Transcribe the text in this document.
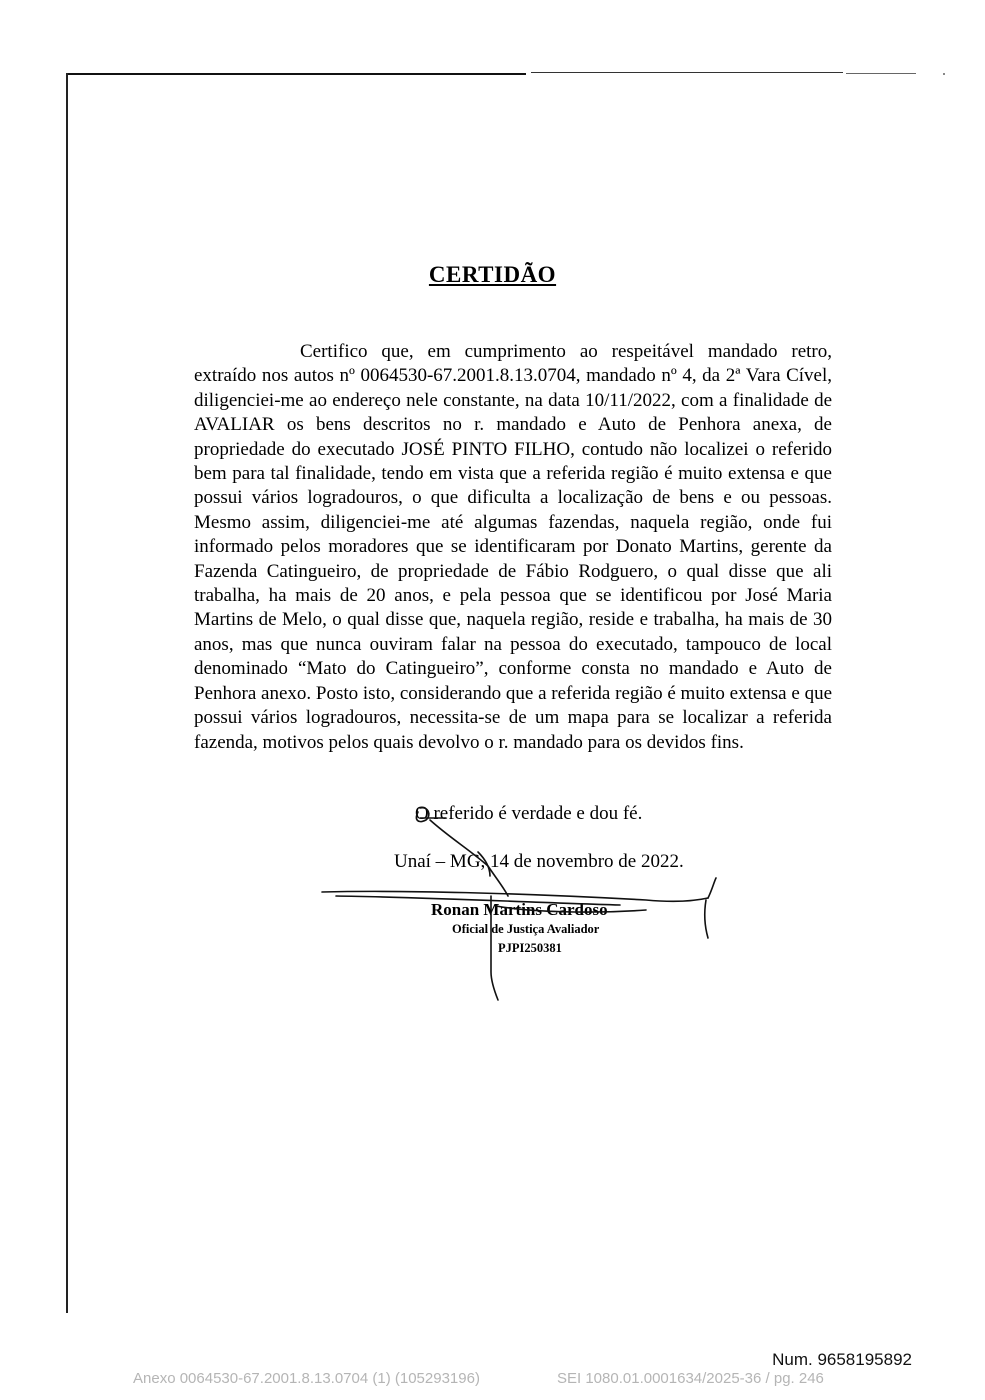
CERTIDÃO

Certifico que, em cumprimento ao respeitável mandado retro, extraído nos autos nº 0064530-67.2001.8.13.0704, mandado nº 4, da 2ª Vara Cível, diligenciei-me ao endereço nele constante, na data 10/11/2022, com a finalidade de AVALIAR os bens descritos no r. mandado e Auto de Penhora anexa, de propriedade do executado JOSÉ PINTO FILHO, contudo não localizei o referido bem para tal finalidade, tendo em vista que a referida região é muito extensa e que possui vários logradouros, o que dificulta a localização de bens e ou pessoas. Mesmo assim, diligenciei-me até algumas fazendas, naquela região, onde fui informado pelos moradores que se identificaram por Donato Martins, gerente da Fazenda Catingueiro, de propriedade de Fábio Rodguero, o qual disse que ali trabalha, ha mais de 20 anos, e pela pessoa que se identificou por José Maria Martins de Melo, o qual disse que, naquela região, reside e trabalha, ha mais de 30 anos, mas que nunca ouviram falar na pessoa do executado, tampouco de local denominado “Mato do Catingueiro”, conforme consta no mandado e Auto de Penhora anexo. Posto isto, considerando que a referida região é muito extensa e que possui vários logradouros, necessita-se de um mapa para se localizar a referida fazenda, motivos pelos quais devolvo o r. mandado para os devidos fins.

O referido é verdade e dou fé.

Unaí – MG, 14 de novembro de 2022.

Ronan Martins Cardoso

Oficial de Justiça Avaliador

PJPI250381

Num. 9658195892
Anexo 0064530-67.2001.8.13.0704 (1) (105293196)	SEI 1080.01.0001634/2025-36 / pg. 246
